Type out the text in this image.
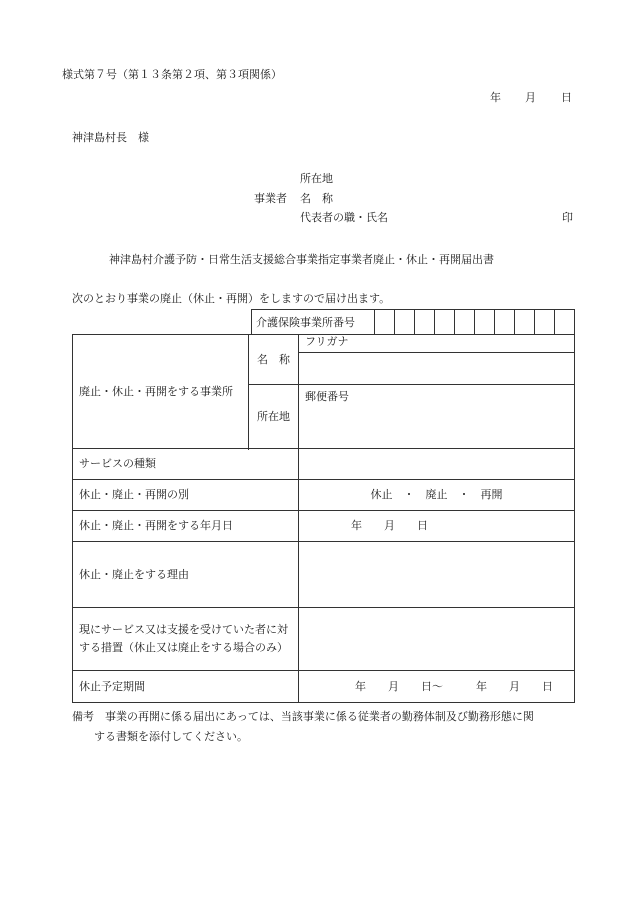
様式第７号（第１３条第２項、第３項関係）
年 月 日
神津島村長　様
所在地
事業者 名　称
代表者の職・氏名	印
神津島村介護予防・日常生活支援総合事業指定事業者廃止・休止・再開届出書
次のとおり事業の廃止（休止・再開）をしますので届け出ます。
介護保険事業所番号										
廃止・休止・再開をする事業所	名　称	フリガナ

	所在地	郵便番号

サービスの種類		
休止・廃止・再開の別		休止　・　廃止　・　再開
休止・廃止・再開をする年月日		年　　月　　日
休止・廃止をする理由		

現にサービス又は支援を受けていた者に対
する措置（休止又は廃止をする場合のみ）		

休止予定期間		年　　月　　日～　　　年　　月　　日
備考　事業の再開に係る届出にあっては、当該事業に係る従業者の勤務体制及び勤務形態に関
する書類を添付してください。
